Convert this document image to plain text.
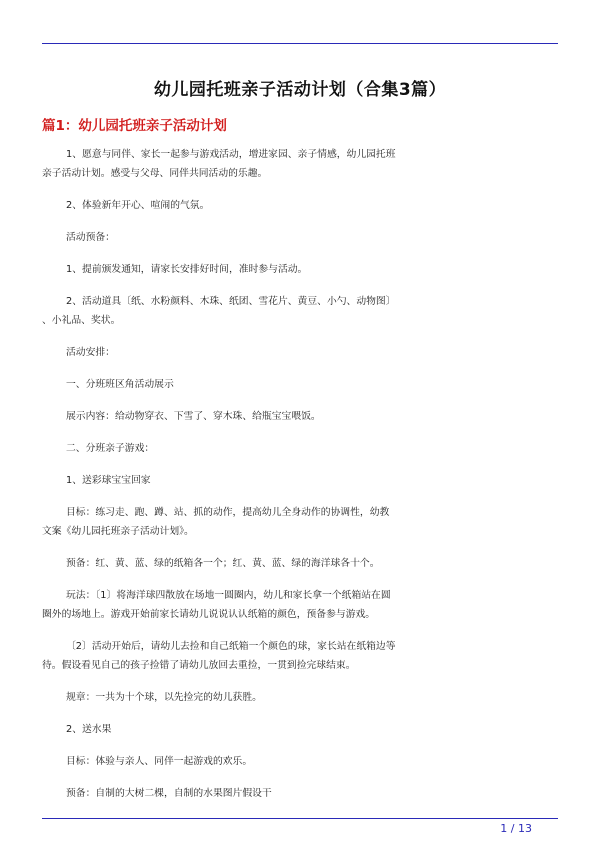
幼儿园托班亲子活动计划（合集3篇）
篇1：幼儿园托班亲子活动计划

1、愿意与同伴、家长一起参与游戏活动，增进家园、亲子情感，幼儿园托班
亲子活动计划。感受与父母、同伴共同活动的乐趣。

2、体验新年开心、喧闹的气氛。

活动预备：

1、提前颁发通知，请家长安排好时间，准时参与活动。

2、活动道具〔纸、水粉颜料、木珠、纸团、雪花片、黄豆、小勺、动物图〕
、小礼品、奖状。

活动安排：

一、分班班区角活动展示

展示内容：给动物穿衣、下雪了、穿木珠、给瓶宝宝喂饭。

二、分班亲子游戏：

1、送彩球宝宝回家

目标：练习走、跑、蹲、站、抓的动作，提高幼儿全身动作的协调性，幼教
文案《幼儿园托班亲子活动计划》。

预备：红、黄、蓝、绿的纸箱各一个；红、黄、蓝、绿的海洋球各十个。

玩法：〔1〕将海洋球四散放在场地一圆圈内，幼儿和家长拿一个纸箱站在圆
圈外的场地上。游戏开始前家长请幼儿说说认认纸箱的颜色，预备参与游戏。

〔2〕活动开始后，请幼儿去捡和自己纸箱一个颜色的球，家长站在纸箱边等
待。假设看见自己的孩子捡错了请幼儿放回去重捡，一贯到捡完球结束。

规章：一共为十个球，以先捡完的幼儿获胜。

2、送水果

目标：体验与亲人、同伴一起游戏的欢乐。

预备：自制的大树二棵，自制的水果图片假设干

1 / 13
